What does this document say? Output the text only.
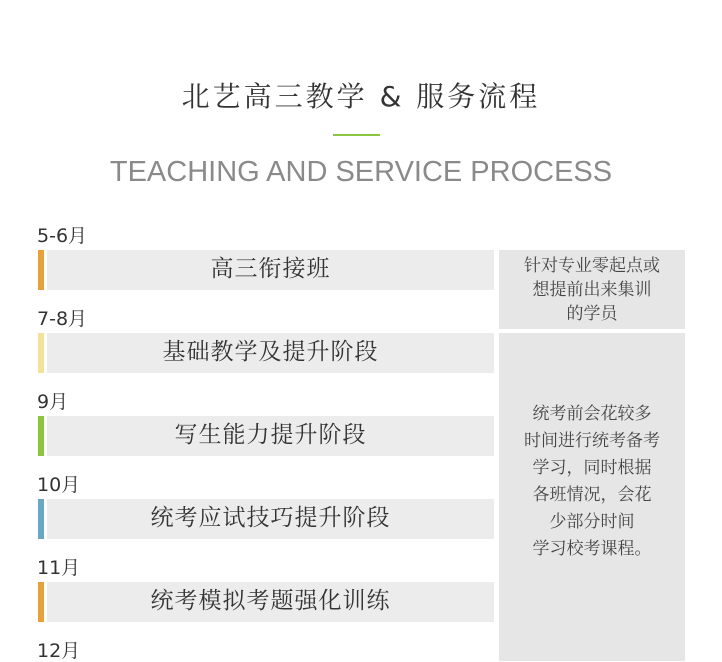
北艺高三教学 & 服务流程
TEACHING AND SERVICE PROCESS
5-6月
高三衔接班
7-8月
基础教学及提升阶段
9月
写生能力提升阶段
10月
统考应试技巧提升阶段
11月
统考模拟考题强化训练
12月
针对专业零起点或
想提前出来集训
的学员
统考前会花较多
时间进行统考备考
学习，同时根据
各班情况，会花
少部分时间
学习校考课程。
